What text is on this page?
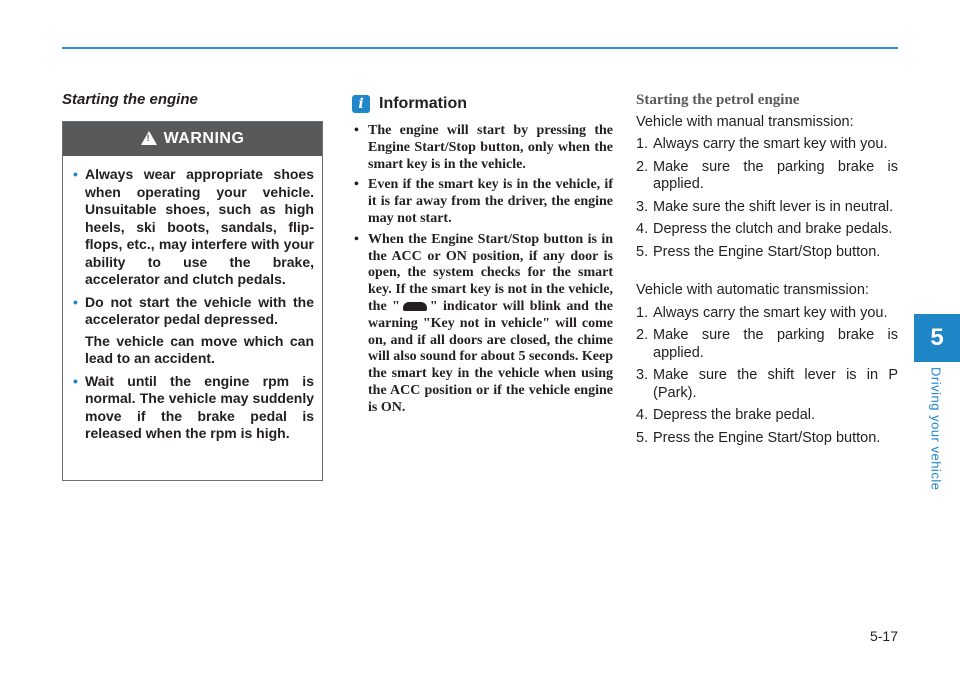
Starting the engine
!
WARNING
• Always wear appropriate shoes when operating your vehicle. Unsuitable shoes, such as high heels, ski boots, sandals, flip-flops, etc., may interfere with your ability to use the brake, accelerator and clutch pedals.
• Do not start the vehicle with the accelerator pedal depressed.

The vehicle can move which can lead to an accident.

• Wait until the engine rpm is normal. The vehicle may suddenly move if the brake pedal is released when the rpm is high.
i Information
• The engine will start by pressing the Engine Start/Stop button, only when the smart key is in the vehicle.
• Even if the smart key is in the vehicle, if it is far away from the driver, the engine may not start.
• When the Engine Start/Stop button is in the ACC or ON position, if any door is open, the system checks for the smart key. If the smart key is not in the vehicle, the " " indicator will blink and the warning "Key not in vehicle" will come on, and if all doors are closed, the chime will also sound for about 5 seconds. Keep the smart key in the vehicle when using the ACC position or if the vehicle engine is ON.
Starting the petrol engine
Vehicle with manual transmission:
1. Always carry the smart key with you.
2. Make sure the parking brake is applied.
3. Make sure the shift lever is in neutral.
4. Depress the clutch and brake pedals.
5. Press the Engine Start/Stop button.
Vehicle with automatic transmission:
1. Always carry the smart key with you.
2. Make sure the parking brake is applied.
3. Make sure the shift lever is in P (Park).
4. Depress the brake pedal.
5. Press the Engine Start/Stop button.
5
Driving your vehicle
5-17
